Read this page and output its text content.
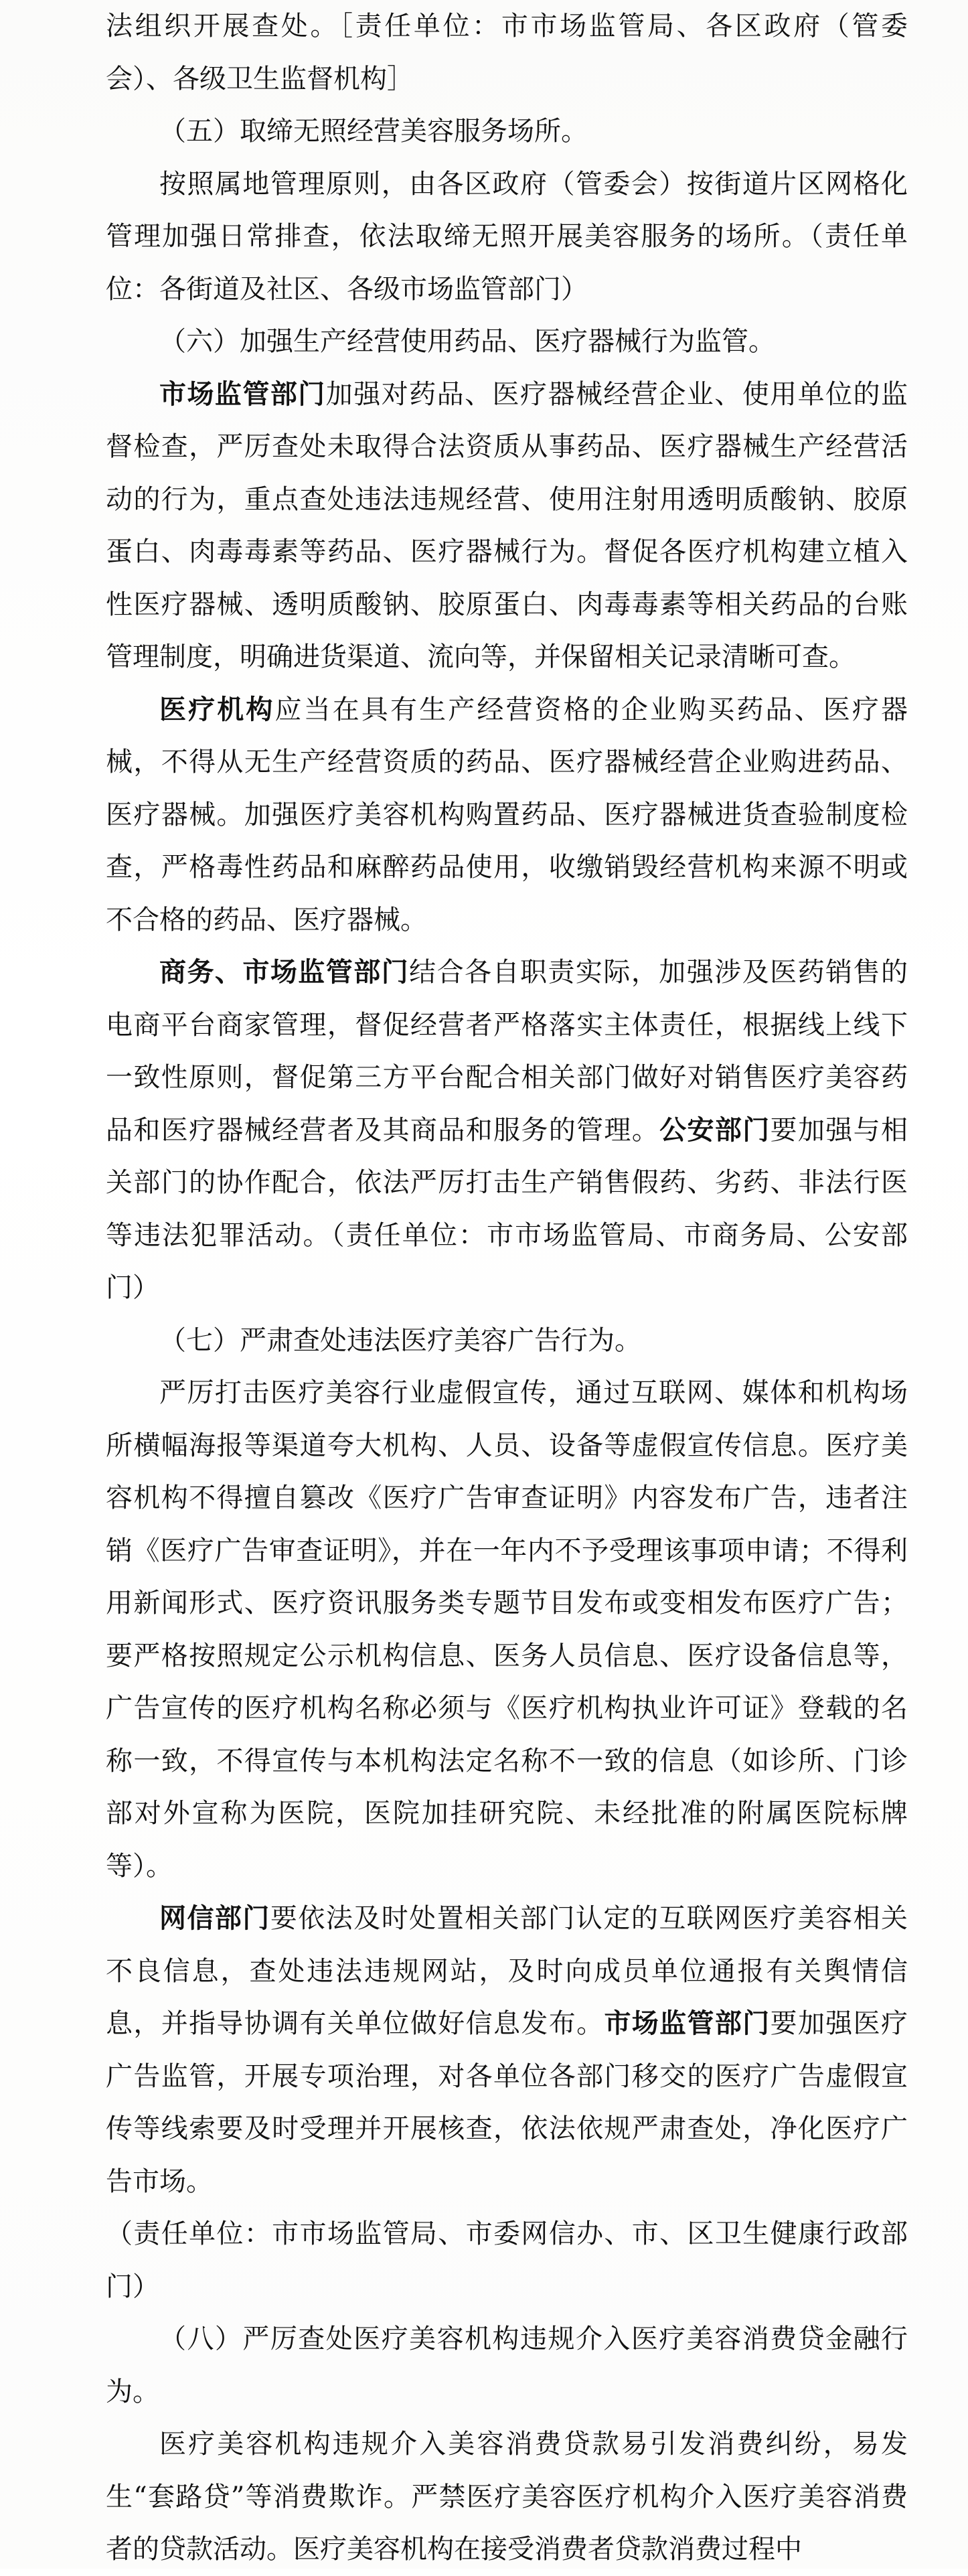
法组织开展查处。［责任单位：市市场监管局、各区政府（管委会）、各级卫生监督机构］

（五）取缔无照经营美容服务场所。

按照属地管理原则，由各区政府（管委会）按街道片区网格化管理加强日常排查，依法取缔无照开展美容服务的场所。（责任单位：各街道及社区、各级市场监管部门）

（六）加强生产经营使用药品、医疗器械行为监管。

市场监管部门加强对药品、医疗器械经营企业、使用单位的监督检查，严厉查处未取得合法资质从事药品、医疗器械生产经营活动的行为，重点查处违法违规经营、使用注射用透明质酸钠、胶原蛋白、肉毒毒素等药品、医疗器械行为。督促各医疗机构建立植入性医疗器械、透明质酸钠、胶原蛋白、肉毒毒素等相关药品的台账管理制度，明确进货渠道、流向等，并保留相关记录清晰可查。

医疗机构应当在具有生产经营资格的企业购买药品、医疗器械，不得从无生产经营资质的药品、医疗器械经营企业购进药品、医疗器械。加强医疗美容机构购置药品、医疗器械进货查验制度检查，严格毒性药品和麻醉药品使用，收缴销毁经营机构来源不明或不合格的药品、医疗器械。

商务、市场监管部门结合各自职责实际，加强涉及医药销售的电商平台商家管理，督促经营者严格落实主体责任，根据线上线下一致性原则，督促第三方平台配合相关部门做好对销售医疗美容药品和医疗器械经营者及其商品和服务的管理。公安部门要加强与相关部门的协作配合，依法严厉打击生产销售假药、劣药、非法行医等违法犯罪活动。（责任单位：市市场监管局、市商务局、公安部门）

（七）严肃查处违法医疗美容广告行为。

严厉打击医疗美容行业虚假宣传，通过互联网、媒体和机构场所横幅海报等渠道夸大机构、人员、设备等虚假宣传信息。医疗美容机构不得擅自篡改《医疗广告审查证明》内容发布广告，违者注销《医疗广告审查证明》，并在一年内不予受理该事项申请；不得利用新闻形式、医疗资讯服务类专题节目发布或变相发布医疗广告；要严格按照规定公示机构信息、医务人员信息、医疗设备信息等，广告宣传的医疗机构名称必须与《医疗机构执业许可证》登载的名称一致，不得宣传与本机构法定名称不一致的信息（如诊所、门诊部对外宣称为医院，医院加挂研究院、未经批准的附属医院标牌等）。

网信部门要依法及时处置相关部门认定的互联网医疗美容相关不良信息，查处违法违规网站，及时向成员单位通报有关舆情信息，并指导协调有关单位做好信息发布。市场监管部门要加强医疗广告监管，开展专项治理，对各单位各部门移交的医疗广告虚假宣传等线索要及时受理并开展核查，依法依规严肃查处，净化医疗广告市场。

（责任单位：市市场监管局、市委网信办、市、区卫生健康行政部门）

（八）严厉查处医疗美容机构违规介入医疗美容消费贷金融行为。

医疗美容机构违规介入美容消费贷款易引发消费纠纷，易发生“套路贷”等消费欺诈。严禁医疗美容医疗机构介入医疗美容消费者的贷款活动。医疗美容机构在接受消费者贷款消费过程中
